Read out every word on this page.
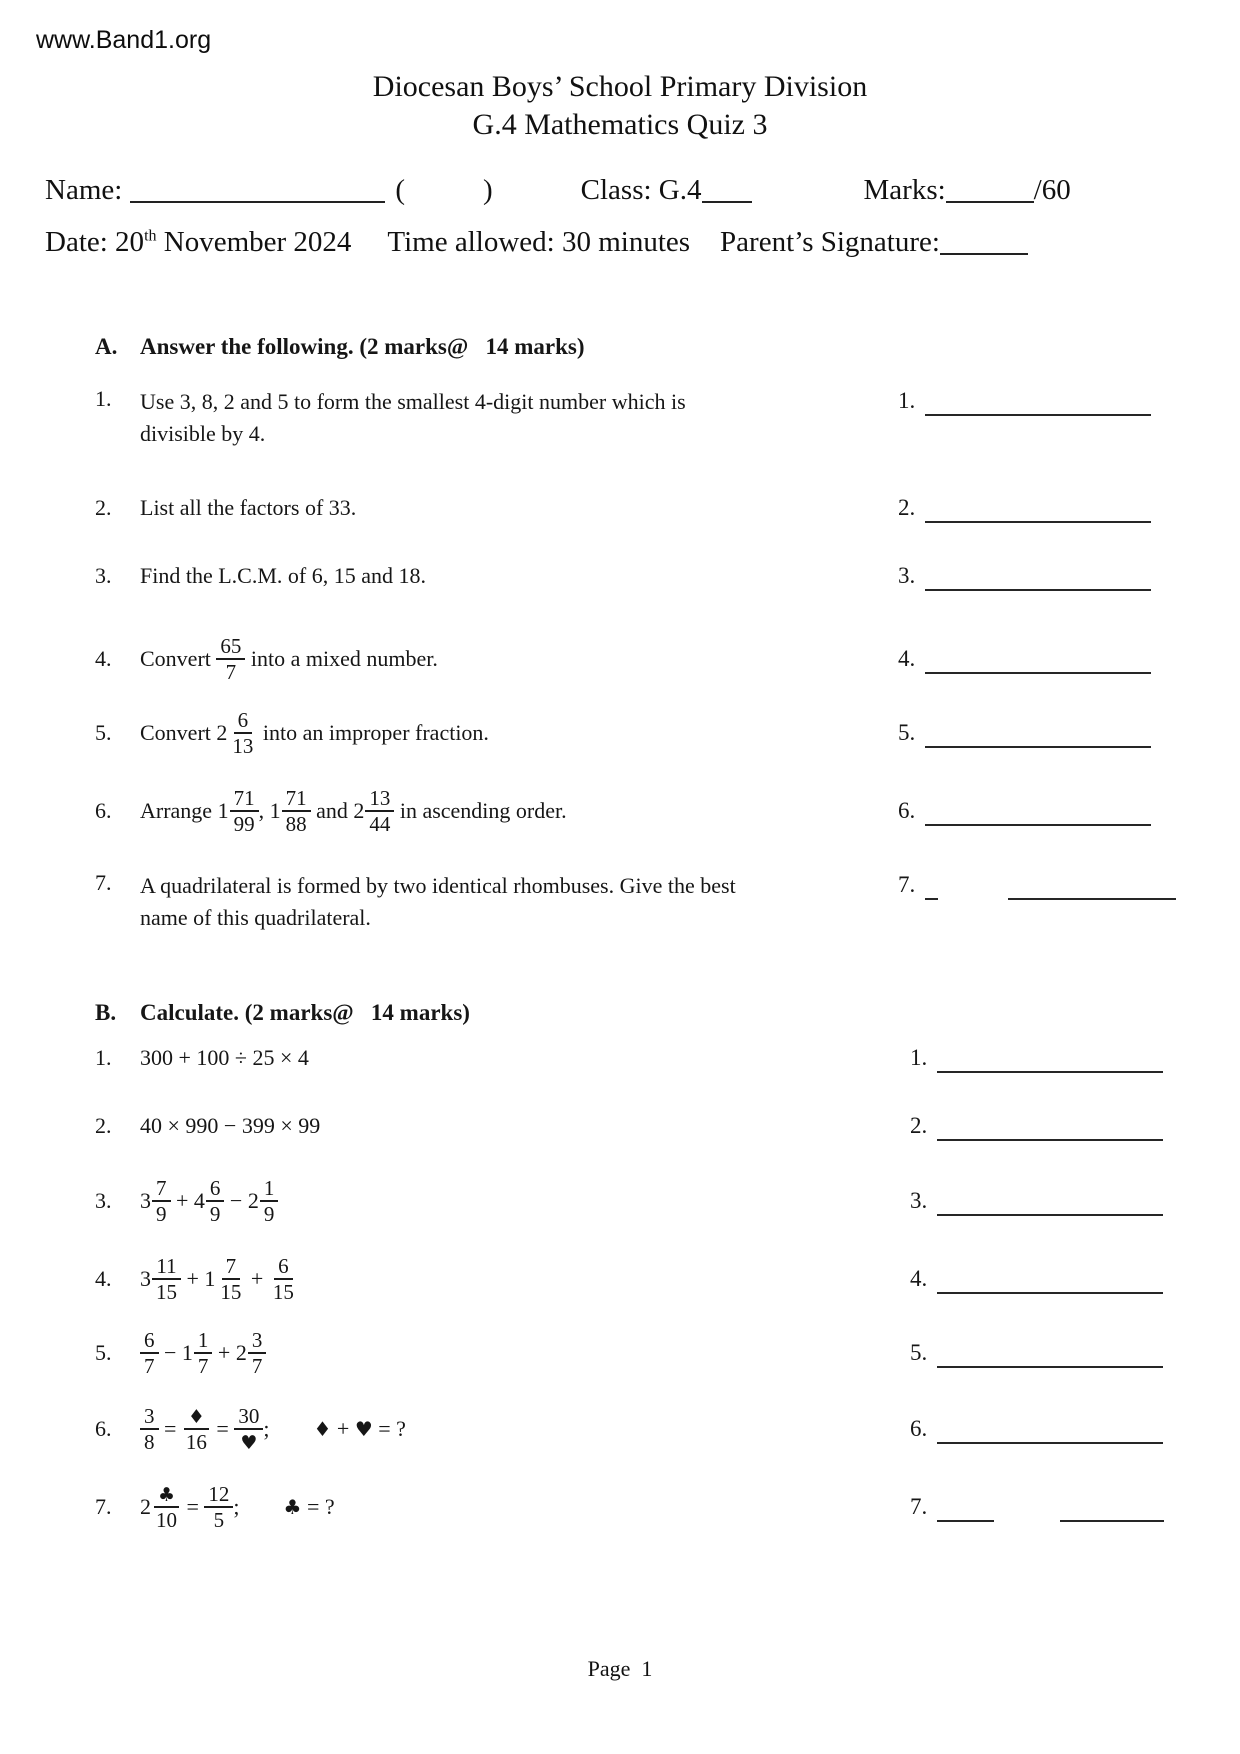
www.Band1.org
Diocesan Boys’ School Primary Division
G.4 Mathematics Quiz 3
Name:	(	)	Class: G.4	Marks:	/60
Date: 20th November 2024 Time allowed: 30 minutes Parent’s Signature:
A. Answer the following. (2 marks@   14 marks)
1.	Use 3, 8, 2 and 5 to form the smallest 4-digit number which is
divisible by 4.
1.
2.	List all the factors of 33.	2.
3.	Find the L.C.M. of 6, 15 and 18.	3.
4.	Convert $\frac{65}{7}$ into a mixed number.	4.
5.	Convert $2 \frac{6}{13}$ into an improper fraction.	5.
6.	Arrange $1 \frac{71}{99}$ , $1 \frac{71}{88}$ and $2 \frac{13}{44}$ in ascending order.	6.
7.	A quadrilateral is formed by two identical rhombuses. Give the best
name of this quadrilateral.
7.
B.	Calculate. (2 marks@   14 marks)
1.	300 + 100 ÷ 25 × 4	1.
2.	40 × 990 − 399 × 99	2.
3.	$3 \frac{7}{9} + 4 \frac{6}{9} - 2 \frac{1}{9}$	3.
4.	$3 \frac{11}{15} + 1 \frac{7}{15} + \frac{6}{15}$	4.
5.	$\frac{6}{7} - 1 \frac{1}{7} + 2 \frac{3}{7}$	5.
6.	$\frac{3}{8} = \frac{♦}{16} = \frac{30}{♥}$ ; ♦ + ♥ = ?	6.
7.	$2 \frac{♣}{10} = \frac{12}{5}$ ; ♣ = ?	7.
Page  1
